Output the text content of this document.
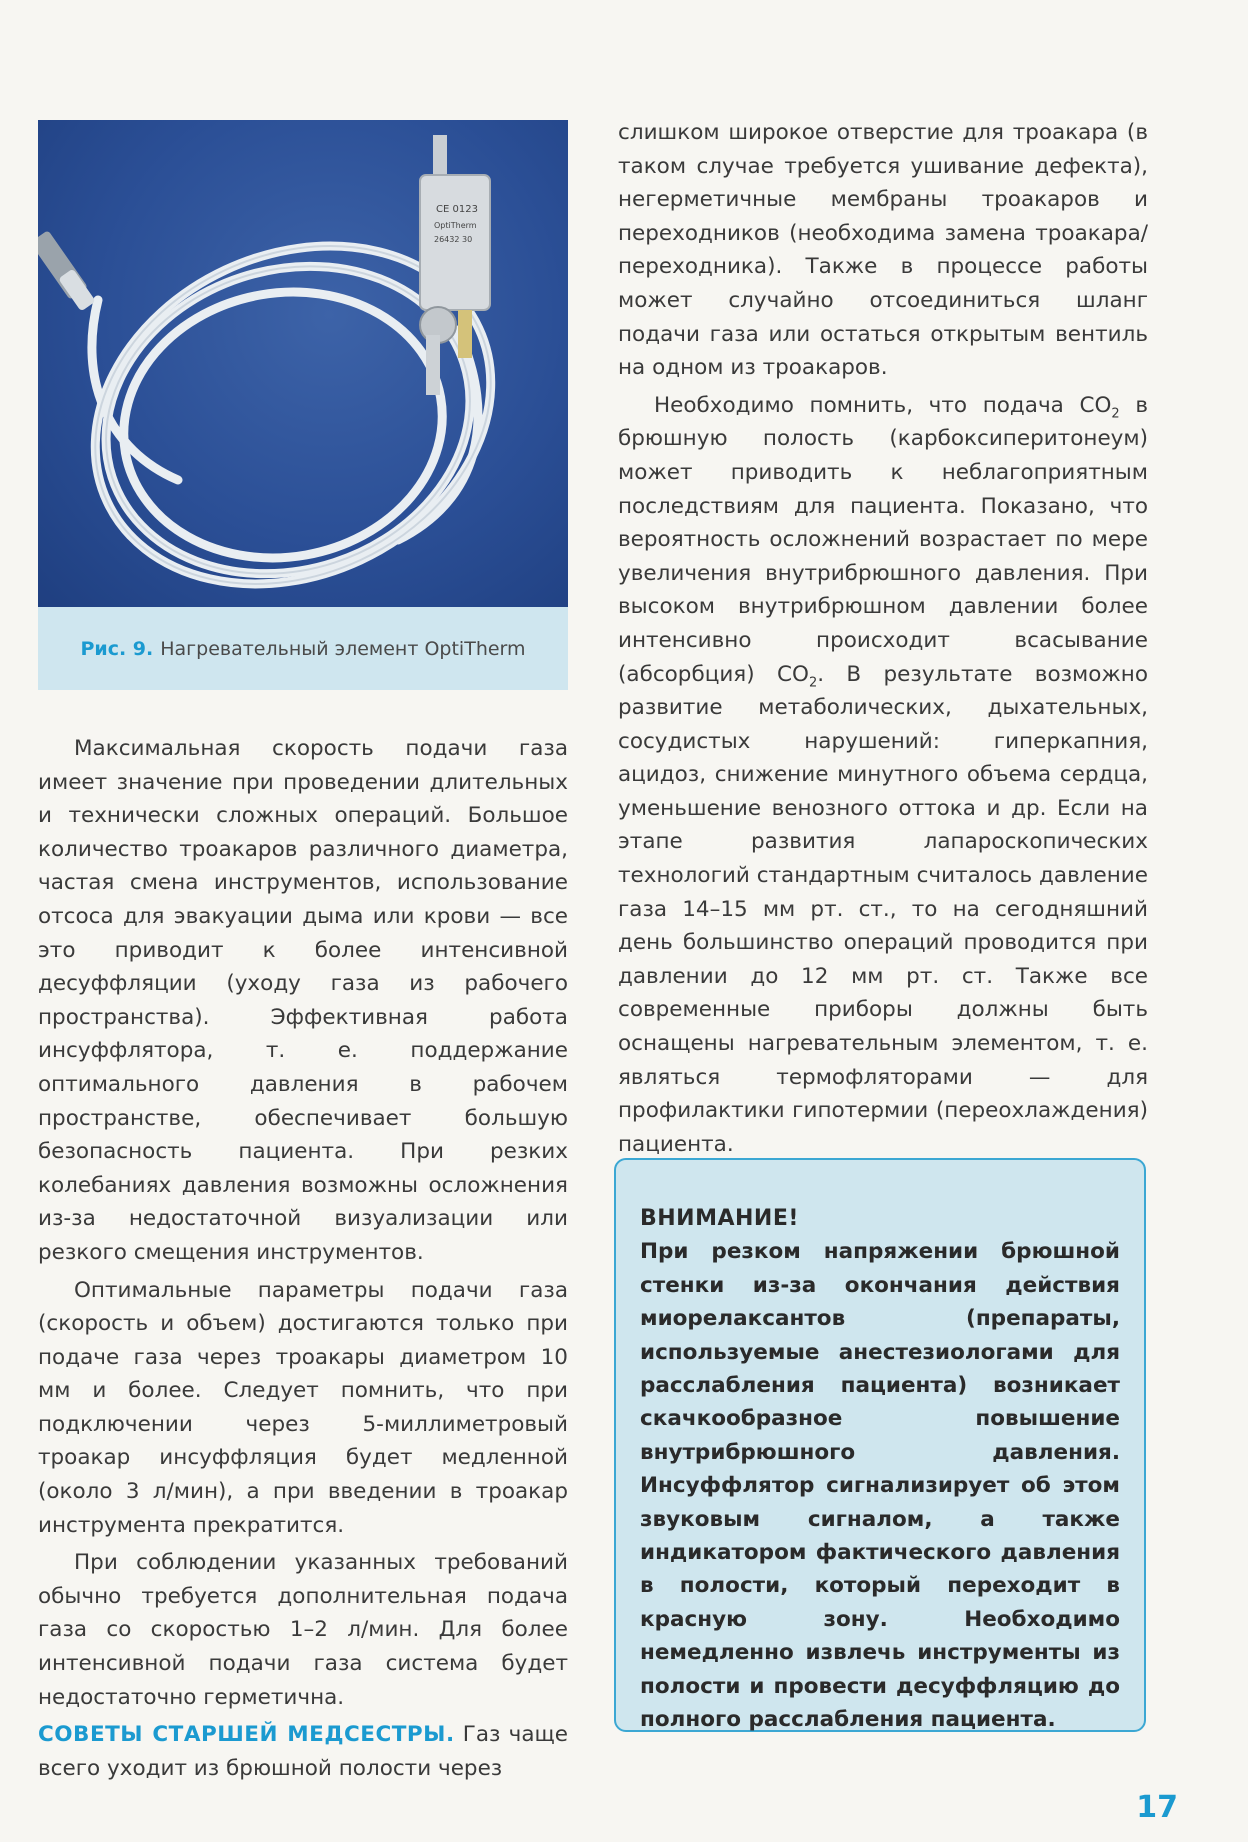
CE 0123
OptiTherm
26432 30
Рис. 9. Нагревательный элемент OptiTherm

Максимальная скорость подачи газа имеет значение при проведении длительных и технически сложных операций. Большое количество троакаров различного диаметра, частая смена инструментов, использование отсоса для эвакуации дыма или крови — все это приводит к более интенсивной десуффляции (уходу газа из рабочего пространства). Эффективная работа инсуффлятора, т. е. поддержание оптимального давления в рабочем пространстве, обеспечивает большую безопасность пациента. При резких колебаниях давления возможны осложнения из-за недостаточной визуализации или резкого смещения инструментов.

Оптимальные параметры подачи газа (скорость и объем) достигаются только при подаче газа через троакары диаметром 10 мм и более. Следует помнить, что при подключении через 5-миллиметровый троакар инсуффляция будет медленной (около 3 л/мин), а при введении в троакар инструмента прекратится.

При соблюдении указанных требований обычно требуется дополнительная подача газа со скоростью 1–2 л/мин. Для более интенсивной подачи газа система будет недостаточно герметична.

СОВЕТЫ СТАРШЕЙ МЕДСЕСТРЫ. Газ чаще всего уходит из брюшной полости через

слишком широкое отверстие для троакара (в таком случае требуется ушивание дефекта), негерметичные мембраны троакаров и переходников (необходима замена троакара/переходника). Также в процессе работы может случайно отсоединиться шланг подачи газа или остаться открытым вентиль на одном из троакаров.

Необходимо помнить, что подача $CO_2$ в брюшную полость (карбоксиперитонеум) может приводить к неблагоприятным последствиям для пациента. Показано, что вероятность осложнений возрастает по мере увеличения внутрибрюшного давления. При высоком внутрибрюшном давлении более интенсивно происходит всасывание (абсорбция) $CO_2$. В результате возможно развитие метаболических, дыхательных, сосудистых нарушений: гиперкапния, ацидоз, снижение минутного объема сердца, уменьшение венозного оттока и др. Если на этапе развития лапароскопических технологий стандартным считалось давление газа 14–15 мм рт. ст., то на сегодняшний день большинство операций проводится при давлении до 12 мм рт. ст. Также все современные приборы должны быть оснащены нагревательным элементом, т. е. являться термофляторами — для профилактики гипотермии (переохлаждения) пациента.

ВНИМАНИЕ!
При резком напряжении брюшной стенки из-за окончания действия миорелаксантов (препараты, используемые анестезиологами для расслабления пациента) возникает скачкообразное повышение внутрибрюшного давления. Инсуффлятор сигнализирует об этом звуковым сигналом, а также индикатором фактического давления в полости, который переходит в красную зону. Необходимо немедленно извлечь инструменты из полости и провести десуффляцию до полного расслабления пациента.
17
